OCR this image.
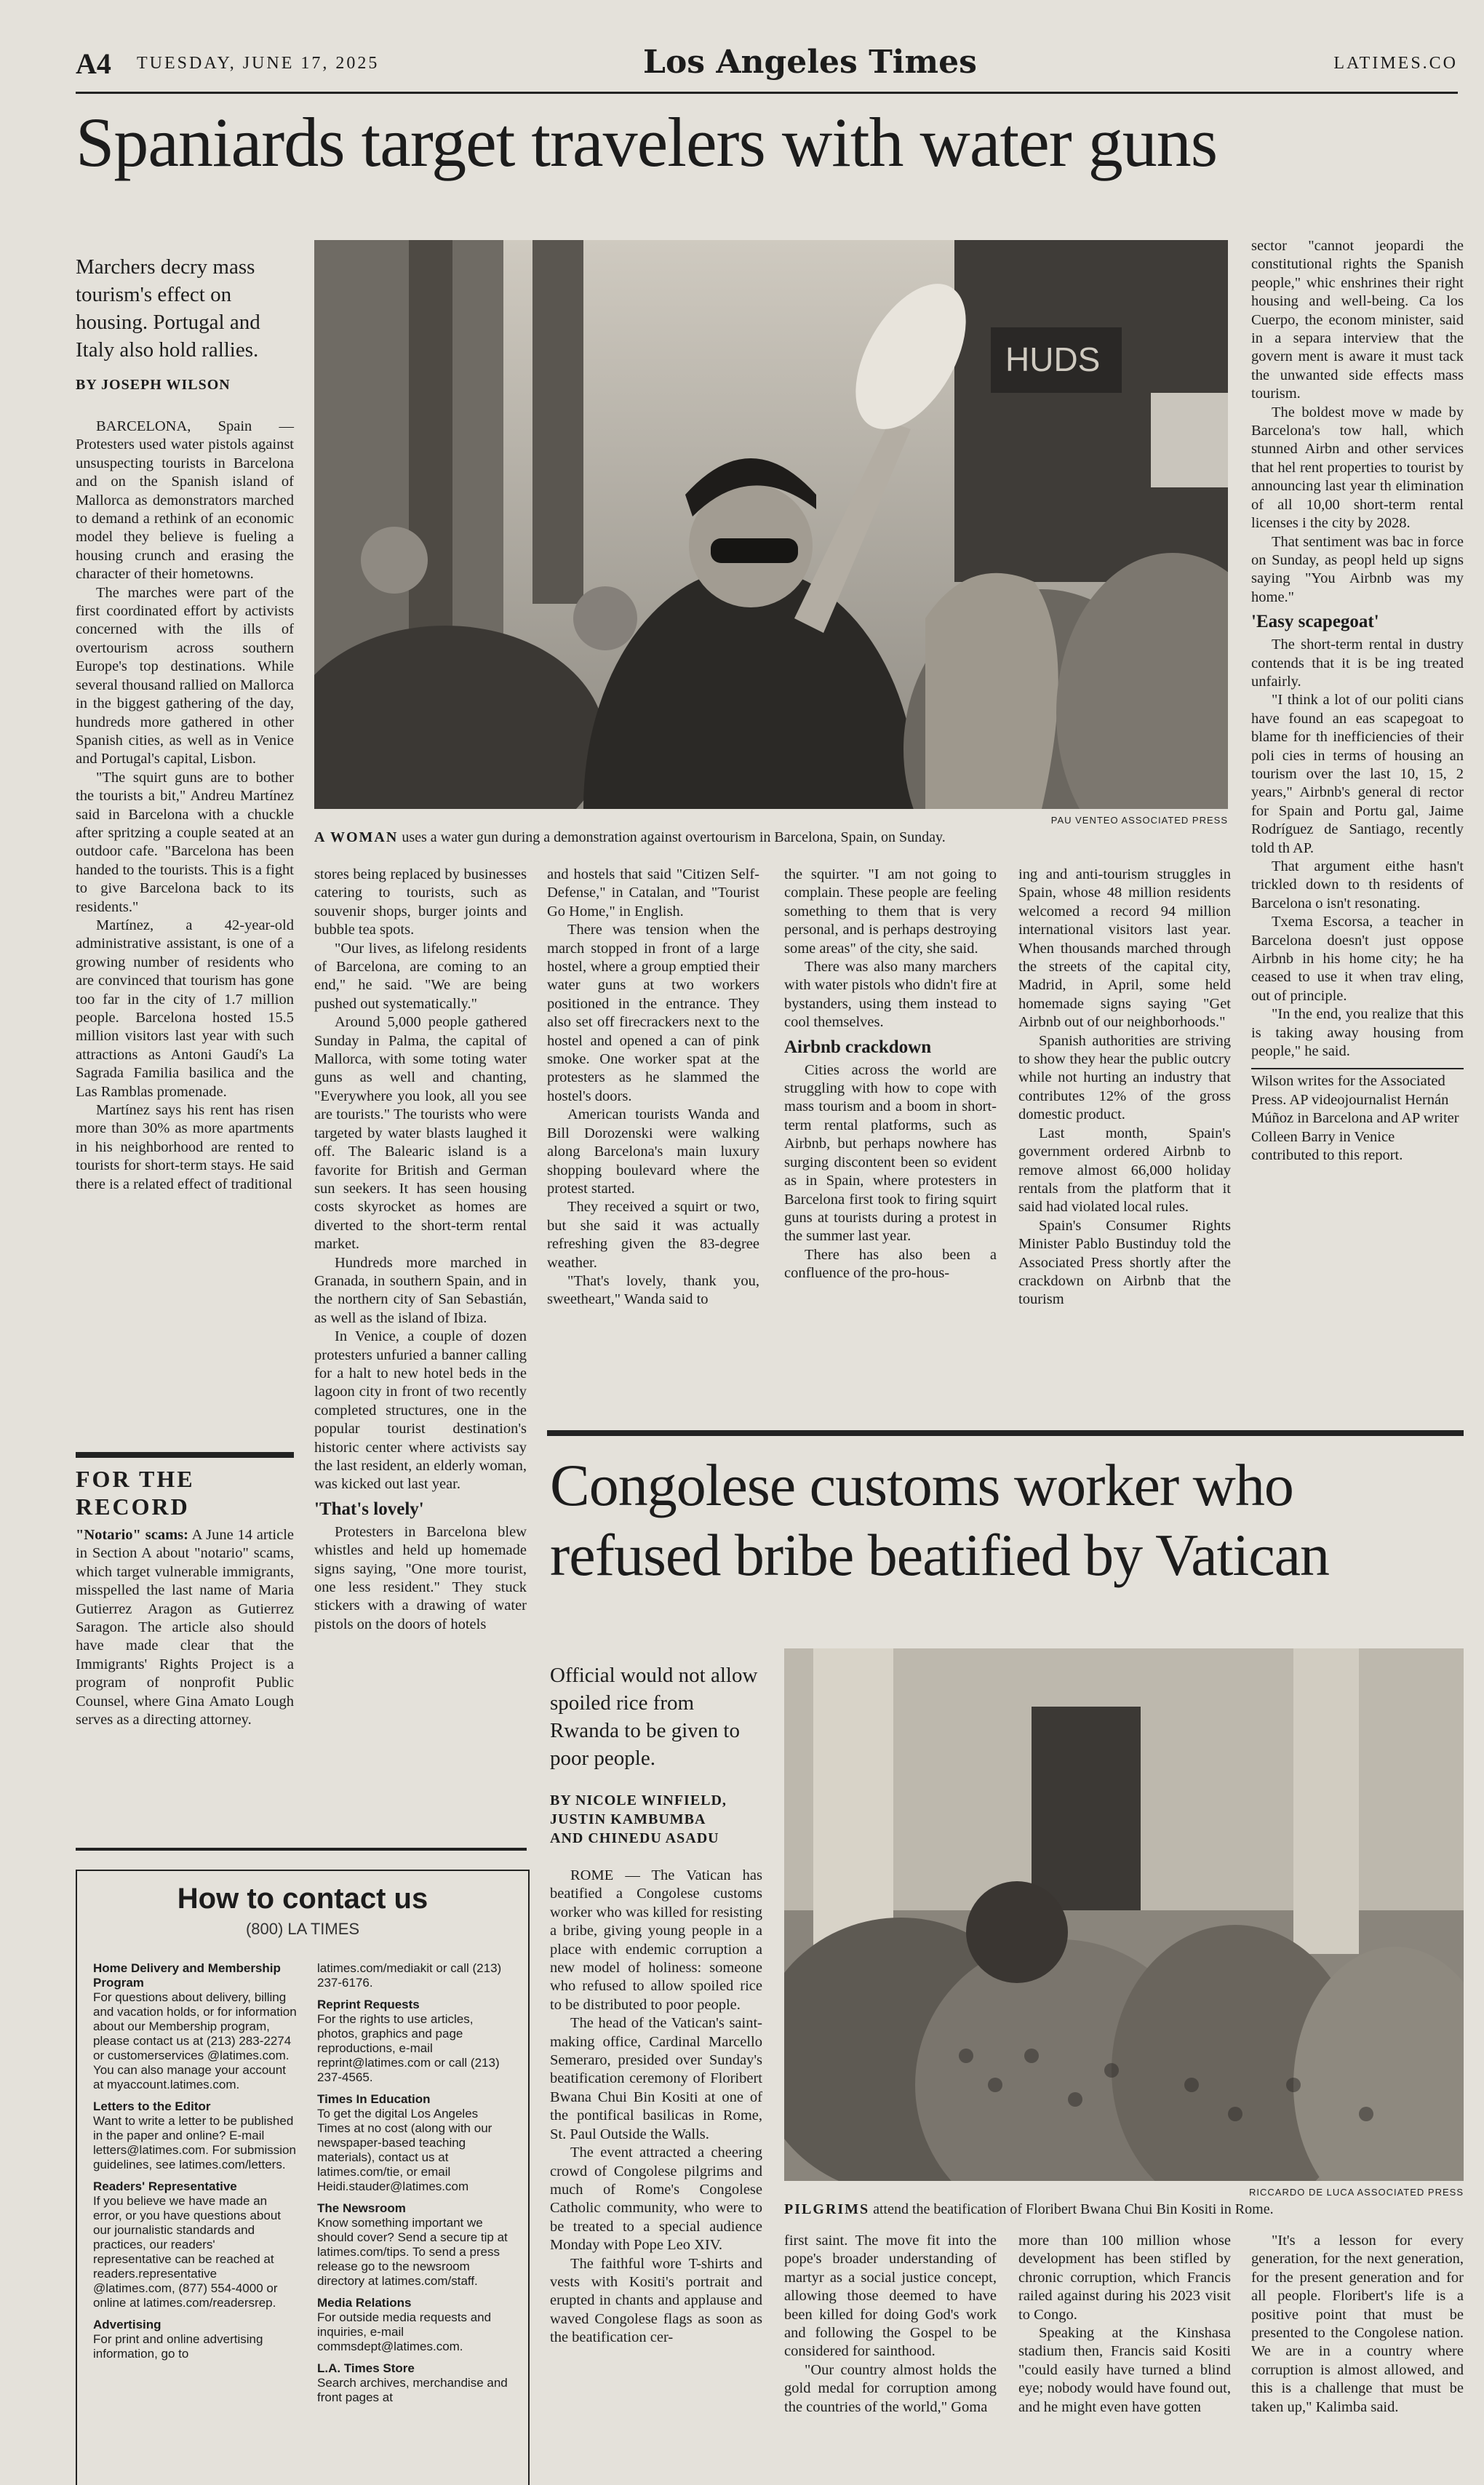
A4 TUESDAY, JUNE 17, 2025	Los Angeles Times	LATIMES.CO
Spaniards target travelers with water guns
Marchers decry mass tourism's effect on housing. Portugal and Italy also hold rallies.
BY JOSEPH WILSON
HUDS
PAU VENTEO ASSOCIATED PRESS
A WOMAN uses a water gun during a demonstration against overtourism in Barcelona, Spain, on Sunday.

BARCELONA, Spain — Protesters used water pistols against unsuspecting tourists in Barcelona and on the Spanish island of Mallorca as demonstrators marched to demand a rethink of an economic model they believe is fueling a housing crunch and erasing the character of their hometowns.

The marches were part of the first coordinated effort by activists concerned with the ills of overtourism across southern Europe's top destinations. While several thousand rallied on Mallorca in the biggest gathering of the day, hundreds more gathered in other Spanish cities, as well as in Venice and Portugal's capital, Lisbon.

"The squirt guns are to bother the tourists a bit," Andreu Martínez said in Barcelona with a chuckle after spritzing a couple seated at an outdoor cafe. "Barcelona has been handed to the tourists. This is a fight to give Barcelona back to its residents."

Martínez, a 42-year-old administrative assistant, is one of a growing number of residents who are convinced that tourism has gone too far in the city of 1.7 million people. Barcelona hosted 15.5 million visitors last year with such attractions as Antoni Gaudí's La Sagrada Familia basilica and the Las Ramblas promenade.

Martínez says his rent has risen more than 30% as more apartments in his neighborhood are rented to tourists for short-term stays. He said there is a related effect of traditional

stores being replaced by businesses catering to tourists, such as souvenir shops, burger joints and bubble tea spots.

"Our lives, as lifelong residents of Barcelona, are coming to an end," he said. "We are being pushed out systematically."

Around 5,000 people gathered Sunday in Palma, the capital of Mallorca, with some toting water guns as well and chanting, "Everywhere you look, all you see are tourists." The tourists who were targeted by water blasts laughed it off. The Balearic island is a favorite for British and German sun seekers. It has seen housing costs skyrocket as homes are diverted to the short-term rental market.

Hundreds more marched in Granada, in southern Spain, and in the northern city of San Sebastián, as well as the island of Ibiza.

In Venice, a couple of dozen protesters unfuried a banner calling for a halt to new hotel beds in the lagoon city in front of two recently completed structures, one in the popular tourist destination's historic center where activists say the last resident, an elderly woman, was kicked out last year.

'That's lovely'

Protesters in Barcelona blew whistles and held up homemade signs saying, "One more tourist, one less resident." They stuck stickers with a drawing of water pistols on the doors of hotels

and hostels that said "Citizen Self-Defense," in Catalan, and "Tourist Go Home," in English.

There was tension when the march stopped in front of a large hostel, where a group emptied their water guns at two workers positioned in the entrance. They also set off firecrackers next to the hostel and opened a can of pink smoke. One worker spat at the protesters as he slammed the hostel's doors.

American tourists Wanda and Bill Dorozenski were walking along Barcelona's main luxury shopping boulevard where the protest started.

They received a squirt or two, but she said it was actually refreshing given the 83-degree weather.

"That's lovely, thank you, sweetheart," Wanda said to

the squirter. "I am not going to complain. These people are feeling something to them that is very personal, and is perhaps destroying some areas" of the city, she said.

There was also many marchers with water pistols who didn't fire at bystanders, using them instead to cool themselves.

Airbnb crackdown

Cities across the world are struggling with how to cope with mass tourism and a boom in short-term rental platforms, such as Airbnb, but perhaps nowhere has surging discontent been so evident as in Spain, where protesters in Barcelona first took to firing squirt guns at tourists during a protest in the summer last year.

There has also been a confluence of the pro-hous-

ing and anti-tourism struggles in Spain, whose 48 million residents welcomed a record 94 million international visitors last year. When thousands marched through the streets of the capital city, Madrid, in April, some held homemade signs saying "Get Airbnb out of our neighborhoods."

Spanish authorities are striving to show they hear the public outcry while not hurting an industry that contributes 12% of the gross domestic product.

Last month, Spain's government ordered Airbnb to remove almost 66,000 holiday rentals from the platform that it said had violated local rules.

Spain's Consumer Rights Minister Pablo Bustinduy told the Associated Press shortly after the crackdown on Airbnb that the tourism

sector "cannot jeopardi the constitutional rights the Spanish people," whic enshrines their right housing and well-being. Ca los Cuerpo, the econom minister, said in a separa interview that the govern ment is aware it must tack the unwanted side effects mass tourism.

The boldest move w made by Barcelona's tow hall, which stunned Airbn and other services that hel rent properties to tourist by announcing last year th elimination of all 10,00 short-term rental licenses i the city by 2028.

That sentiment was bac in force on Sunday, as peopl held up signs saying "You Airbnb was my home."

'Easy scapegoat'

The short-term rental in dustry contends that it is be ing treated unfairly.

"I think a lot of our politi cians have found an eas scapegoat to blame for th inefficiencies of their poli cies in terms of housing an tourism over the last 10, 15, 2 years," Airbnb's general di rector for Spain and Portu gal, Jaime Rodríguez de Santiago, recently told th AP.

That argument eithe hasn't trickled down to th residents of Barcelona o isn't resonating.

Txema Escorsa, a teacher in Barcelona doesn't just oppose Airbnb in his home city; he ha ceased to use it when trav eling, out of principle.

"In the end, you realize that this is taking away housing from people," he said.

Wilson writes for the Associated Press. AP videojournalist Hernán Múñoz in Barcelona and AP writer Colleen Barry in Venice contributed to this report.
FOR THE RECORD
"Notario" scams: A June 14 article in Section A about "notario" scams, which target vulnerable immigrants, misspelled the last name of Maria Gutierrez Aragon as Gutierrez Saragon. The article also should have made clear that the Immigrants' Rights Project is a program of nonprofit Public Counsel, where Gina Amato Lough serves as a directing attorney.
How to contact us
(800) LA TIMES
Home Delivery and Membership Program
For questions about delivery, billing and vacation holds, or for information about our Membership program, please contact us at (213) 283-2274 or customerservices @latimes.com. You can also manage your account at myaccount.latimes.com.
Letters to the Editor
Want to write a letter to be published in the paper and online? E-mail letters@latimes.com. For submission guidelines, see latimes.com/letters.
Readers' Representative
If you believe we have made an error, or you have questions about our journalistic standards and practices, our readers' representative can be reached at readers.representative @latimes.com, (877) 554-4000 or online at latimes.com/readersrep.
Advertising
For print and online advertising information, go to
latimes.com/mediakit or call (213) 237-6176.
Reprint Requests
For the rights to use articles, photos, graphics and page reproductions, e-mail reprint@latimes.com or call (213) 237-4565.
Times In Education
To get the digital Los Angeles Times at no cost (along with our newspaper-based teaching materials), contact us at latimes.com/tie, or email Heidi.stauder@latimes.com
The Newsroom
Know something important we should cover? Send a secure tip at latimes.com/tips. To send a press release go to the newsroom directory at latimes.com/staff.
Media Relations
For outside media requests and inquiries, e-mail commsdept@latimes.com.
L.A. Times Store
Search archives, merchandise and front pages at
Congolese customs worker who refused bribe beatified by Vatican
Official would not allow spoiled rice from Rwanda to be given to poor people.
BY NICOLE WINFIELD,
JUSTIN KAMBUMBA
AND CHINEDU ASADU
RICCARDO DE LUCA ASSOCIATED PRESS
PILGRIMS attend the beatification of Floribert Bwana Chui Bin Kositi in Rome.

ROME — The Vatican has beatified a Congolese customs worker who was killed for resisting a bribe, giving young people in a place with endemic corruption a new model of holiness: someone who refused to allow spoiled rice to be distributed to poor people.

The head of the Vatican's saint-making office, Cardinal Marcello Semeraro, presided over Sunday's beatification ceremony of Floribert Bwana Chui Bin Kositi at one of the pontifical basilicas in Rome, St. Paul Outside the Walls.

The event attracted a cheering crowd of Congolese pilgrims and much of Rome's Congolese Catholic community, who were to be treated to a special audience Monday with Pope Leo XIV.

The faithful wore T-shirts and vests with Kositi's portrait and erupted in chants and applause and waved Congolese flags as soon as the beatification cer-

first saint. The move fit into the pope's broader understanding of martyr as a social justice concept, allowing those deemed to have been killed for doing God's work and following the Gospel to be considered for sainthood.

"Our country almost holds the gold medal for corruption among the countries of the world," Goma

more than 100 million whose development has been stifled by chronic corruption, which Francis railed against during his 2023 visit to Congo.

Speaking at the Kinshasa stadium then, Francis said Kositi "could easily have turned a blind eye; nobody would have found out, and he might even have gotten

"It's a lesson for every generation, for the next generation, for the present generation and for all people. Floribert's life is a positive point that must be presented to the Congolese nation. We are in a country where corruption is almost allowed, and this is a challenge that must be taken up," Kalimba said.
